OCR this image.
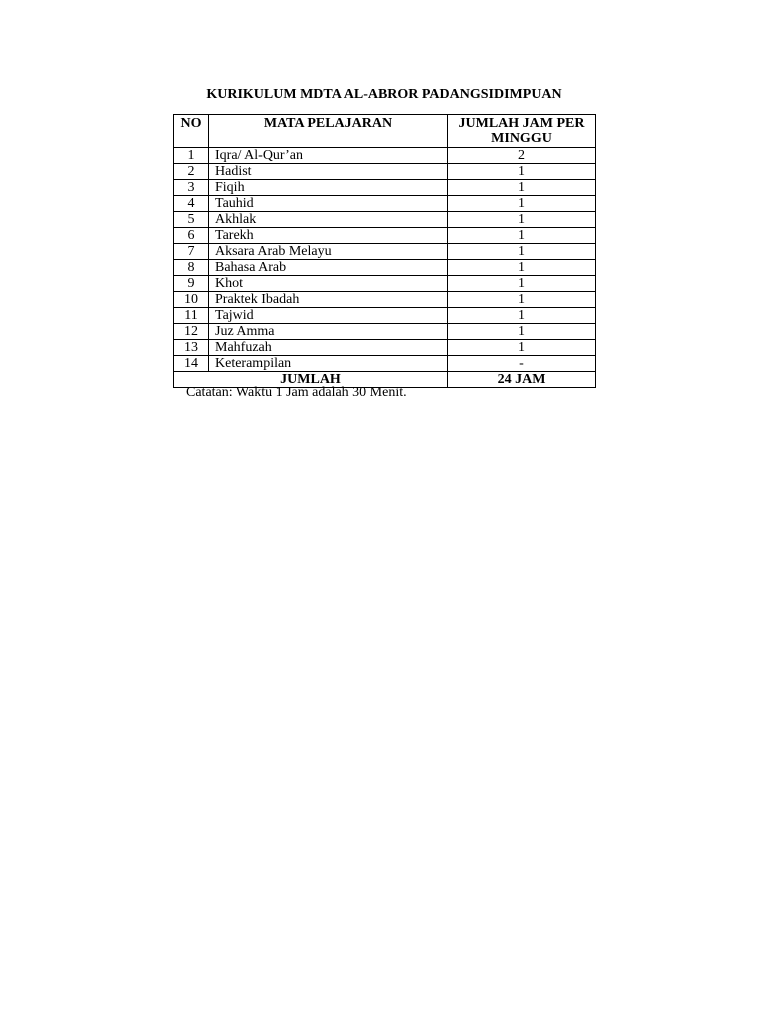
KURIKULUM MDTA AL-ABROR PADANGSIDIMPUAN
NO	MATA PELAJARAN	JUMLAH JAM PER MINGGU
1	Iqra/ Al-Qur’an	2
2	Hadist	1
3	Fiqih	1
4	Tauhid	1
5	Akhlak	1
6	Tarekh	1
7	Aksara Arab Melayu	1
8	Bahasa Arab	1
9	Khot	1
10	Praktek Ibadah	1
11	Tajwid	1
12	Juz Amma	1
13	Mahfuzah	1
14	Keterampilan	-
JUMLAH		24 JAM
Catatan: Waktu 1 Jam adalah 30 Menit.
